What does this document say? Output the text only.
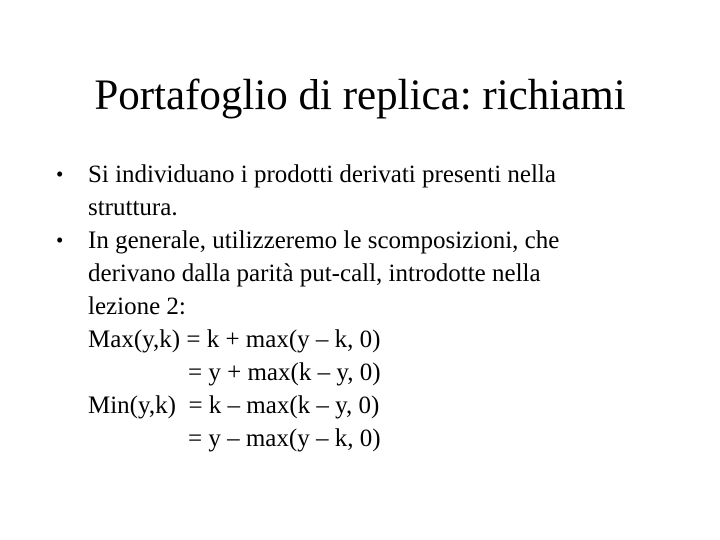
Portafoglio di replica: richiami
• Si individuano i prodotti derivati presenti nella
struttura.
• In generale, utilizzeremo le scomposizioni, che
derivano dalla parità put-call, introdotte nella
lezione 2:
Max(y,k) = k + max(y – k, 0)
= y + max(k – y, 0)
Min(y,k)  = k – max(k – y, 0)
= y – max(y – k, 0)
